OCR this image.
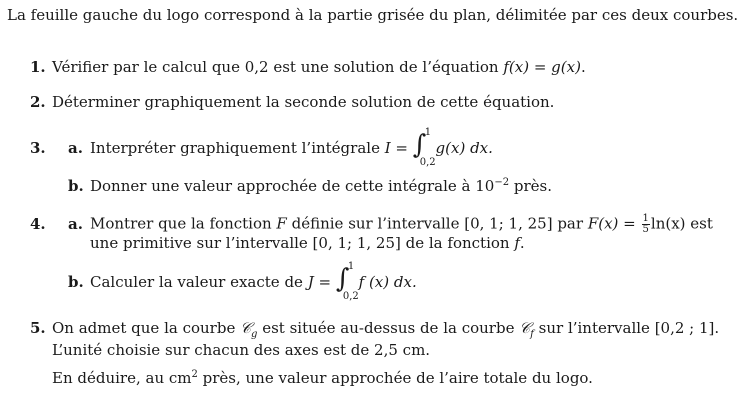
La feuille gauche du logo correspond à la partie grisée du plan, délimitée par ces deux courbes.
1. Vérifier par le calcul que 0,2 est une solution de l’équation f(x) = g(x).
2. Déterminer graphiquement la seconde solution de cette équation.
3. a. Interpréter graphiquement l’intégrale I = ∫
1
0,2
g(x) dx.
b. Donner une valeur approchée de cette intégrale à $10^{-2}$ près.
4. a. Montrer que la fonction F définie sur l’intervalle [0, 1; 1, 25] par $F(x) = \frac{1}{5} \ln(x)$ est
une primitive sur l’intervalle [0, 1; 1, 25] de la fonction f.
b. Calculer la valeur exacte de J = ∫
1
0,2
f (x) dx.
5. On admet que la courbe 𝒞$_g$ est située au-dessus de la courbe 𝒞$_f$ sur l’intervalle [0,2 ; 1].
L’unité choisie sur chacun des axes est de 2,5 cm.
En déduire, au $cm^2$ près, une valeur approchée de l’aire totale du logo.
